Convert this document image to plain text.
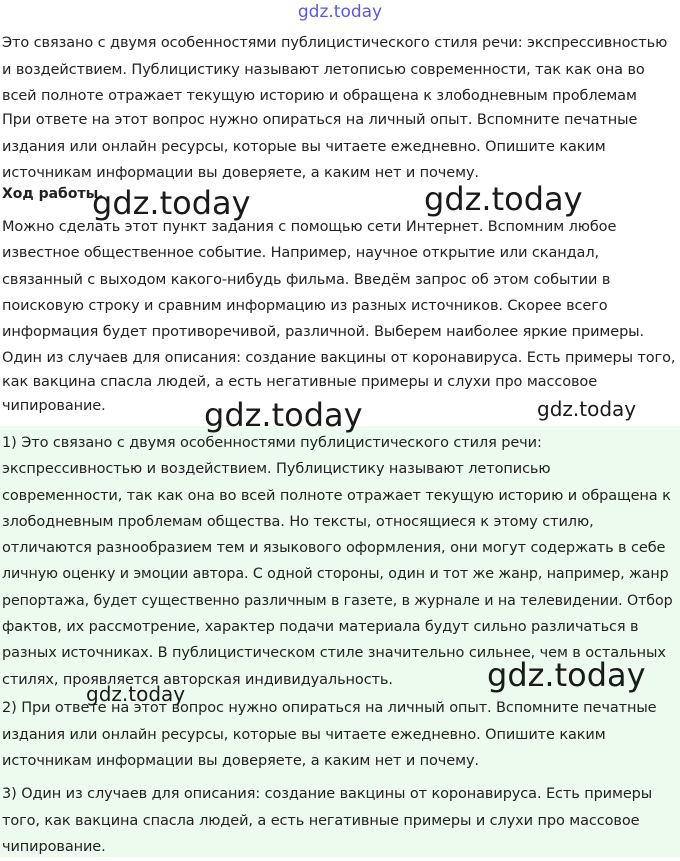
gdz.today
Это связано с двумя особенностями публицистического стиля речи: экспрессивностью
и воздействием. Публицистику называют летописью современности, так как она во
всей полноте отражает текущую историю и обращена к злободневным проблемам
При ответе на этот вопрос нужно опираться на личный опыт. Вспомните печатные
издания или онлайн ресурсы, которые вы читаете ежедневно. Опишите каким
источникам информации вы доверяете, а каким нет и почему.
Ход работы.
Можно сделать этот пункт задания с помощью сети Интернет. Вспомним любое
известное общественное событие. Например, научное открытие или скандал,
связанный с выходом какого-нибудь фильма. Введём запрос об этом событии в
поисковую строку и сравним информацию из разных источников. Скорее всего
информация будет противоречивой, различной. Выберем наиболее яркие примеры.
Один из случаев для описания: создание вакцины от коронавируса. Есть примеры того,
как вакцина спасла людей, а есть негативные примеры и слухи про массовое
чипирование.
1) Это связано с двумя особенностями публицистического стиля речи:
экспрессивностью и воздействием. Публицистику называют летописью
современности, так как она во всей полноте отражает текущую историю и обращена к
злободневным проблемам общества. Но тексты, относящиеся к этому стилю,
отличаются разнообразием тем и языкового оформления, они могут содержать в себе
личную оценку и эмоции автора. С одной стороны, один и тот же жанр, например, жанр
репортажа, будет существенно различным в газете, в журнале и на телевидении. Отбор
фактов, их рассмотрение, характер подачи материала будут сильно различаться в
разных источниках. В публицистическом стиле значительно сильнее, чем в остальных
стилях, проявляется авторская индивидуальность.
2) При ответе на этот вопрос нужно опираться на личный опыт. Вспомните печатные
издания или онлайн ресурсы, которые вы читаете ежедневно. Опишите каким
источникам информации вы доверяете, а каким нет и почему.
3) Один из случаев для описания: создание вакцины от коронавируса. Есть примеры
того, как вакцина спасла людей, а есть негативные примеры и слухи про массовое
чипирование.
gdz.today	gdz.today
gdz.today	gdz.today
gdz.today
gdz.today
